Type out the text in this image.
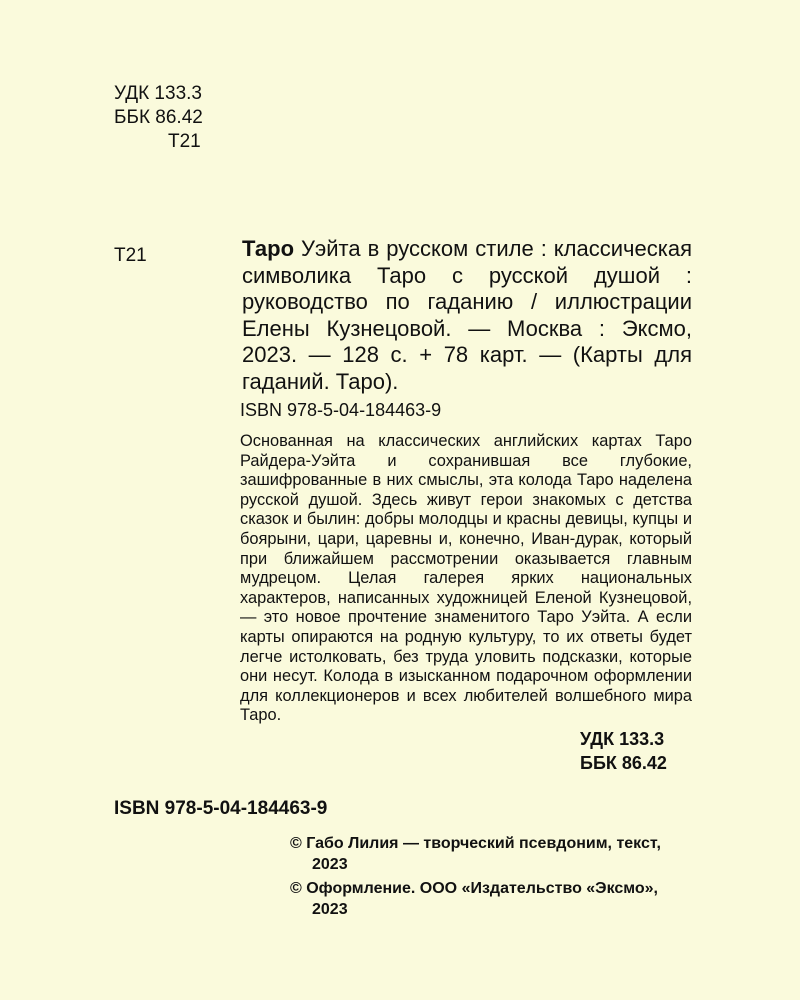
УДК 133.3
ББК 86.42
Т21
Т21	Таро Уэйта в русском стиле : классическая символика Таро с русской душой : руководство по гаданию / иллюстрации Елены Кузнецовой. — Москва : Эксмо, 2023. — 128 с. + 78 карт. — (Карты для гаданий. Таро).
ISBN 978-5-04-184463-9
Основанная на классических английских картах Таро Райдера-Уэйта и сохранившая все глубокие, зашифрованные в них смыслы, эта колода Таро наделена русской душой. Здесь живут герои знакомых с детства сказок и былин: добры молодцы и красны девицы, купцы и боярыни, цари, царевны и, конечно, Иван-дурак, который при ближайшем рассмотрении оказывается главным мудрецом. Целая галерея ярких национальных характеров, написанных художницей Еленой Кузнецовой, — это новое прочтение знаменитого Таро Уэйта. А если карты опираются на родную культуру, то их ответы будет легче истолковать, без труда уловить подсказки, которые они несут. Колода в изысканном подарочном оформлении для коллекционеров и всех любителей волшебного мира Таро.
УДК 133.3
ББК 86.42
ISBN 978-5-04-184463-9
© Габо Лилия — творческий псевдоним, текст, 2023
© Оформление. ООО «Издательство «Эксмо», 2023
